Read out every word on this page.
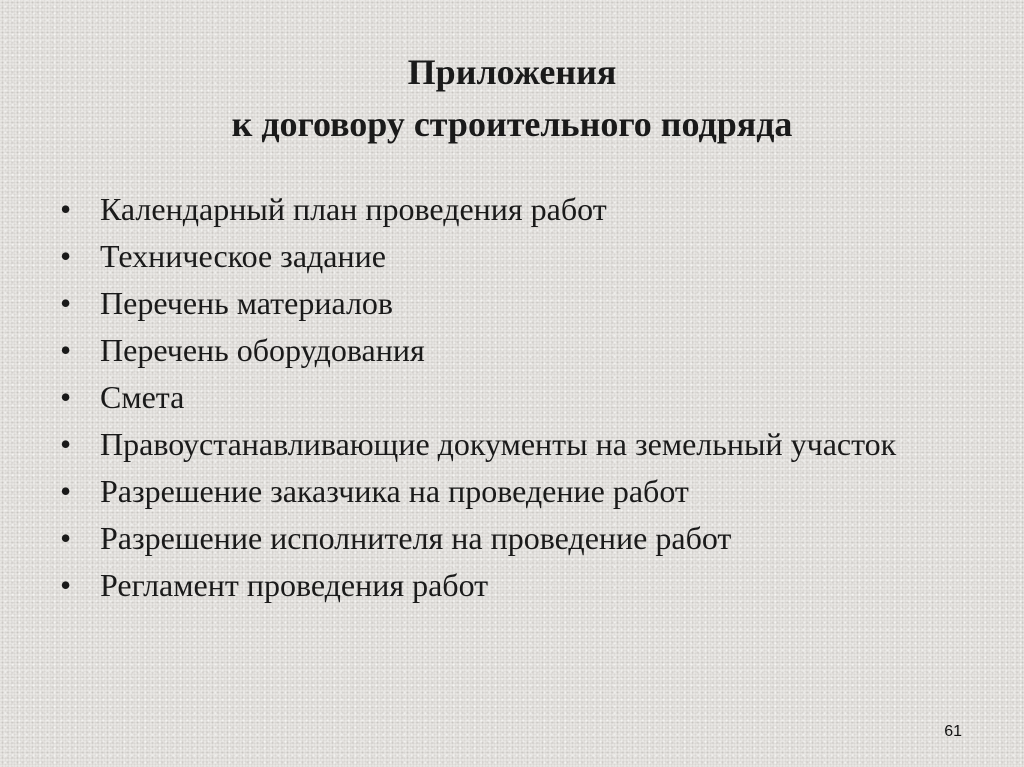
Приложения
к договору строительного подряда
• Календарный план проведения работ
• Техническое задание
• Перечень материалов
• Перечень оборудования
• Смета
• Правоустанавливающие документы на земельный участок
• Разрешение заказчика на проведение работ
• Разрешение исполнителя на проведение работ
• Регламент проведения работ
61
